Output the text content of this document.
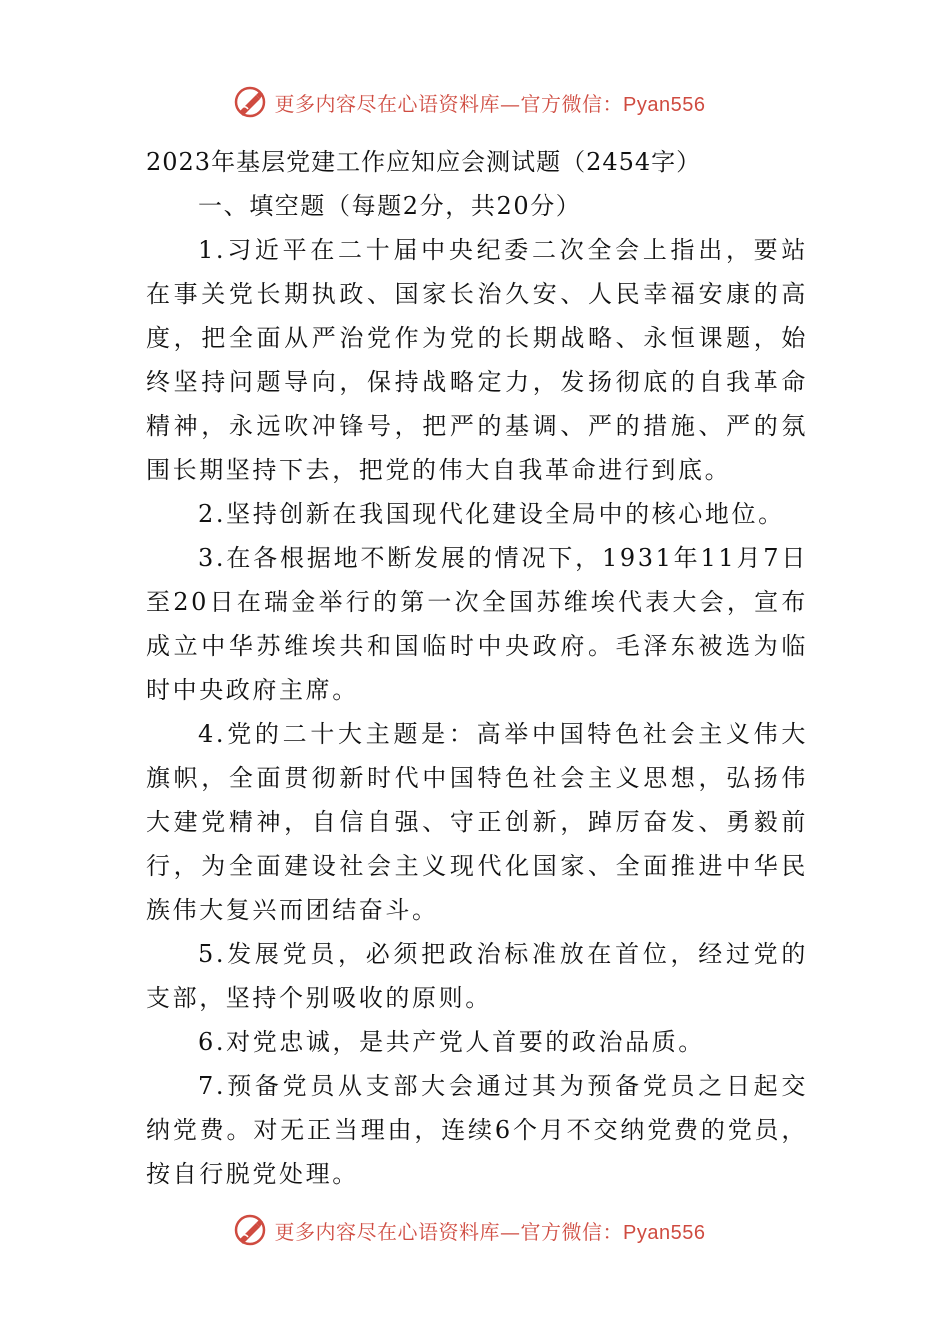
更多内容尽在心语资料库—官方微信：Pyan556
2023年基层党建工作应知应会测试题（2454字）

一、填空题（每题2分，共20分）

1.习近平在二十届中央纪委二次全会上指出，要站在事关党长期执政、国家长治久安、人民幸福安康的高度，把全面从严治党作为党的长期战略、永恒课题，始终坚持问题导向，保持战略定力，发扬彻底的自我革命精神，永远吹冲锋号，把严的基调、严的措施、严的氛围长期坚持下去，把党的伟大自我革命进行到底。

2.坚持创新在我国现代化建设全局中的核心地位。

3.在各根据地不断发展的情况下，1931年11月7日至20日在瑞金举行的第一次全国苏维埃代表大会，宣布成立中华苏维埃共和国临时中央政府。毛泽东被选为临时中央政府主席。

4.党的二十大主题是：高举中国特色社会主义伟大旗帜，全面贯彻新时代中国特色社会主义思想，弘扬伟大建党精神，自信自强、守正创新，踔厉奋发、勇毅前行，为全面建设社会主义现代化国家、全面推进中华民族伟大复兴而团结奋斗。

5.发展党员，必须把政治标准放在首位，经过党的支部，坚持个别吸收的原则。

6.对党忠诚，是共产党人首要的政治品质。

7.预备党员从支部大会通过其为预备党员之日起交纳党费。对无正当理由，连续6个月不交纳党费的党员，按自行脱党处理。

更多内容尽在心语资料库—官方微信：Pyan556
